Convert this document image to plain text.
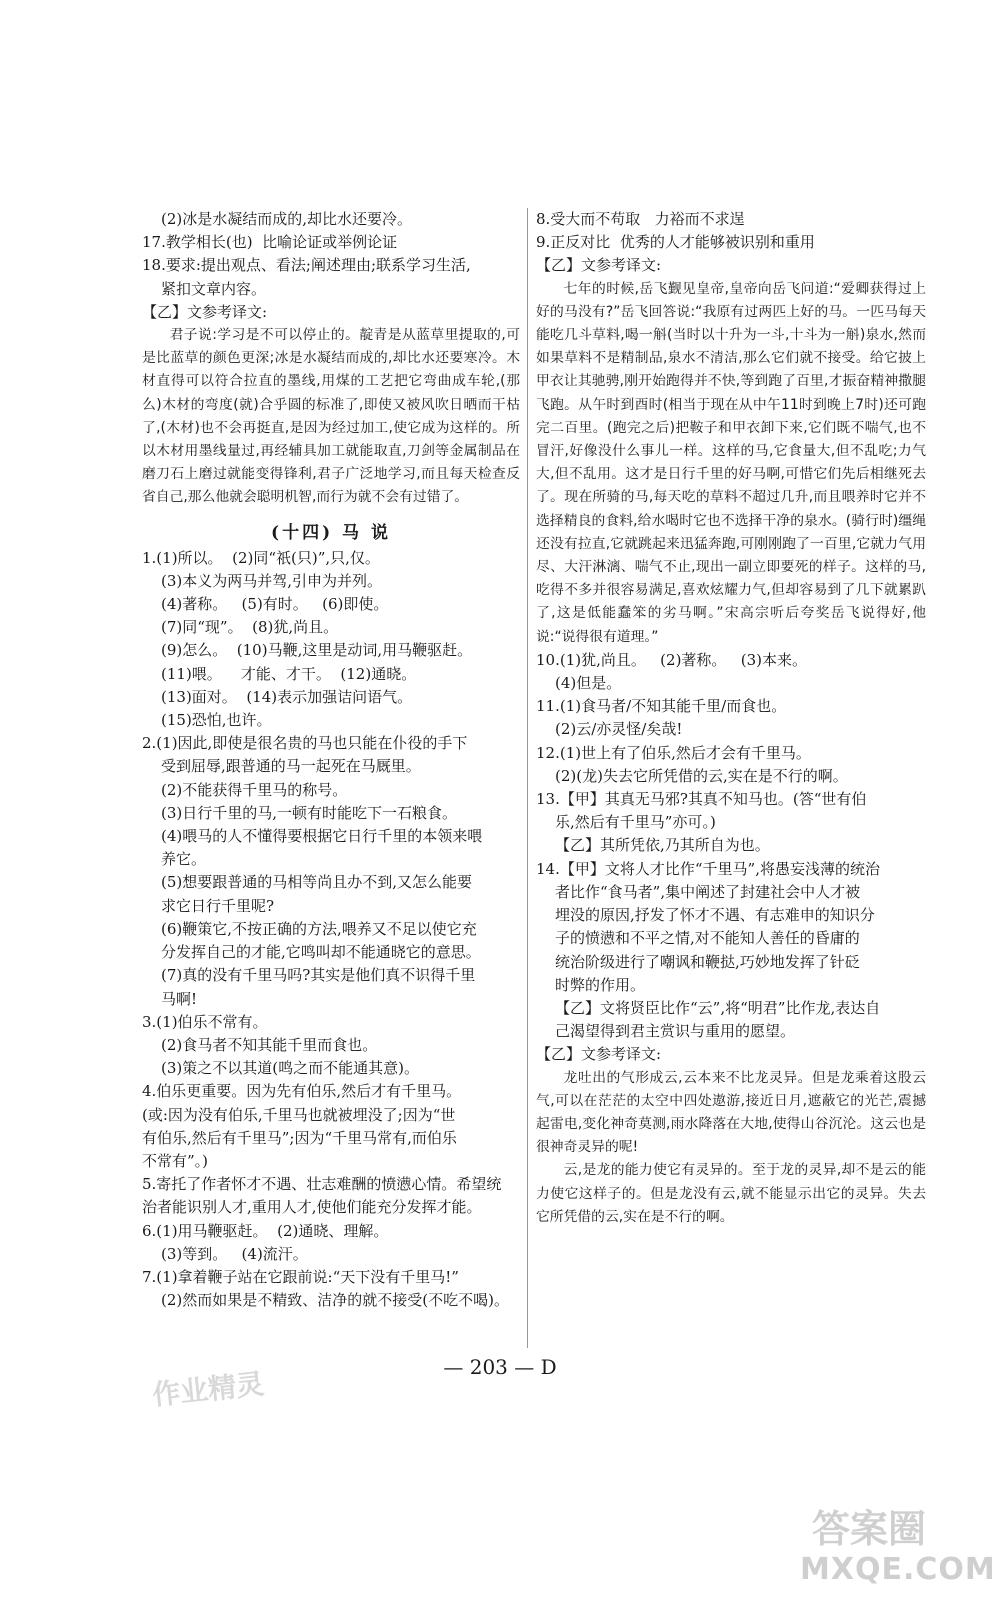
(2)冰是水凝结而成的,却比水还要冷。
17.教学相长(也)  比喻论证或举例论证
18.要求:提出观点、看法;阐述理由;联系学习生活,
紧扣文章内容。
【乙】文参考译文:

君子说:学习是不可以停止的。靛青是从蓝草里提取的,可是比蓝草的颜色更深;冰是水凝结而成的,却比水还要寒冷。木材直得可以符合拉直的墨线,用煤的工艺把它弯曲成车轮,(那么)木材的弯度(就)合乎圆的标准了,即使又被风吹日晒而干枯了,(木材)也不会再挺直,是因为经过加工,使它成为这样的。所以木材用墨线量过,再经辅具加工就能取直,刀剑等金属制品在磨刀石上磨过就能变得锋利,君子广泛地学习,而且每天检查反省自己,那么他就会聪明机智,而行为就不会有过错了。

(十四) 马 说
1.(1)所以。  (2)同“祇(只)”,只,仅。
(3)本义为两马并驾,引申为并列。
(4)著称。   (5)有时。   (6)即使。
(7)同“现”。  (8)犹,尚且。
(9)怎么。  (10)马鞭,这里是动词,用马鞭驱赶。
(11)喂。    才能、才干。  (12)通晓。
(13)面对。  (14)表示加强诘问语气。
(15)恐怕,也许。
2.(1)因此,即使是很名贵的马也只能在仆役的手下
受到屈辱,跟普通的马一起死在马厩里。
(2)不能获得千里马的称号。
(3)日行千里的马,一顿有时能吃下一石粮食。
(4)喂马的人不懂得要根据它日行千里的本领来喂
养它。
(5)想要跟普通的马相等尚且办不到,又怎么能要
求它日行千里呢?
(6)鞭策它,不按正确的方法,喂养又不足以使它充
分发挥自己的才能,它鸣叫却不能通晓它的意思。
(7)真的没有千里马吗?其实是他们真不识得千里
马啊!
3.(1)伯乐不常有。
(2)食马者不知其能千里而食也。
(3)策之不以其道(鸣之而不能通其意)。
4.伯乐更重要。因为先有伯乐,然后才有千里马。
(或:因为没有伯乐,千里马也就被埋没了;因为“世
有伯乐,然后有千里马”;因为“千里马常有,而伯乐
不常有”。)
5.寄托了作者怀才不遇、壮志难酬的愤懑心情。希望统
治者能识别人才,重用人才,使他们能充分发挥才能。
6.(1)用马鞭驱赶。  (2)通晓、理解。
(3)等到。   (4)流汗。
7.(1)拿着鞭子站在它跟前说:“天下没有千里马!”
(2)然而如果是不精致、洁净的就不接受(不吃不喝)。
8.受大而不苟取   力裕而不求逞
9.正反对比  优秀的人才能够被识别和重用
【乙】文参考译文:

七年的时候,岳飞觐见皇帝,皇帝向岳飞问道:“爱卿获得过上好的马没有?”岳飞回答说:“我原有过两匹上好的马。一匹马每天能吃几斗草料,喝一斛(当时以十升为一斗,十斗为一斛)泉水,然而如果草料不是精制品,泉水不清洁,那么它们就不接受。给它披上甲衣让其驰骋,刚开始跑得并不快,等到跑了百里,才振奋精神撒腿飞跑。从午时到酉时(相当于现在从中午11时到晚上7时)还可跑完二百里。(跑完之后)把鞍子和甲衣卸下来,它们既不喘气,也不冒汗,好像没什么事儿一样。这样的马,它食量大,但不乱吃;力气大,但不乱用。这才是日行千里的好马啊,可惜它们先后相继死去了。现在所骑的马,每天吃的草料不超过几升,而且喂养时它并不选择精良的食料,给水喝时它也不选择干净的泉水。(骑行时)缰绳还没有拉直,它就跳起来迅猛奔跑,可刚刚跑了一百里,它就力气用尽、大汗淋漓、喘气不止,现出一副立即要死的样子。这样的马,吃得不多并很容易满足,喜欢炫耀力气,但却容易到了几下就累趴了,这是低能蠢笨的劣马啊。”宋高宗听后夸奖岳飞说得好,他说:“说得很有道理。”

10.(1)犹,尚且。   (2)著称。   (3)本来。
(4)但是。
11.(1)食马者/不知其能千里/而食也。
(2)云/亦灵怪/矣哉!
12.(1)世上有了伯乐,然后才会有千里马。
(2)(龙)失去它所凭借的云,实在是不行的啊。
13.【甲】其真无马邪?其真不知马也。(答“世有伯
乐,然后有千里马”亦可。)
【乙】其所凭依,乃其所自为也。
14.【甲】文将人才比作“千里马”,将愚妄浅薄的统治
者比作“食马者”,集中阐述了封建社会中人才被
埋没的原因,抒发了怀才不遇、有志难申的知识分
子的愤懑和不平之情,对不能知人善任的昏庸的
统治阶级进行了嘲讽和鞭挞,巧妙地发挥了针砭
时弊的作用。
【乙】文将贤臣比作“云”,将“明君”比作龙,表达自
己渴望得到君主赏识与重用的愿望。
【乙】文参考译文:

龙吐出的气形成云,云本来不比龙灵异。但是龙乘着这股云气,可以在茫茫的太空中四处遨游,接近日月,遮蔽它的光芒,震撼起雷电,变化神奇莫测,雨水降落在大地,使得山谷沉沦。这云也是很神奇灵异的呢!

云,是龙的能力使它有灵异的。至于龙的灵异,却不是云的能力使它这样子的。但是龙没有云,就不能显示出它的灵异。失去它所凭借的云,实在是不行的啊。

— 203 — D
作业精灵
答案圈
MXQE.COM
